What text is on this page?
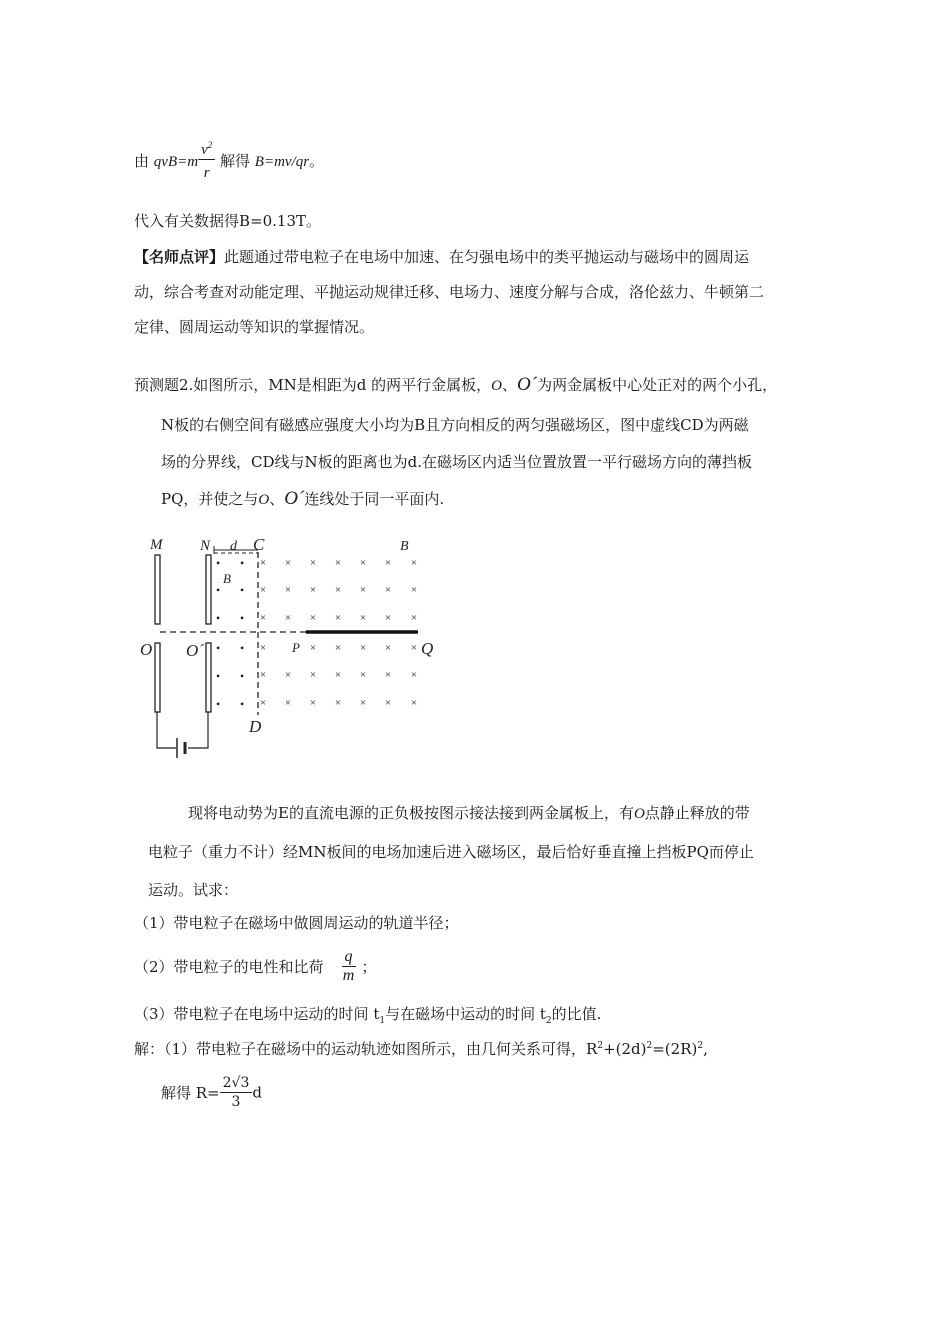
由 $qvB=m \frac{v^2}{r}$ 解得 B=mv/qr。
代入有关数据得B=0.13T。
【名师点评】此题通过带电粒子在电场中加速、在匀强电场中的类平抛运动与磁场中的圆周运
动，综合考查对动能定理、平抛运动规律迁移、电场力、速度分解与合成，洛伦兹力、牛顿第二
定律、圆周运动等知识的掌握情况。
预测题2.如图所示，MN是相距为d 的两平行金属板，O、O´为两金属板中心处正对的两个小孔，
N板的右侧空间有磁感应强度大小均为B且方向相反的两匀强磁场区，图中虚线CD为两磁
场的分界线，CD线与N板的距离也为d.在磁场区内适当位置放置一平行磁场方向的薄挡板
PQ，并使之与O、O´连线处于同一平面内.
• •
• •
• •
• •
• •
• •
× × × × × × ×
× × × × × × ×
× × × × × × ×
×	× × × × ×
× × × × × × ×
× × × × × × ×
M	N d C	B
B
O O´	P	Q
D
现将电动势为E的直流电源的正负极按图示接法接到两金属板上，有O点静止释放的带
电粒子（重力不计）经MN板间的电场加速后进入磁场区，最后恰好垂直撞上挡板PQ而停止
运动。试求：
（1）带电粒子在磁场中做圆周运动的轨道半径；
（2）带电粒子的电性和比荷 $\frac{q}{m}$ ；
（3）带电粒子在电场中运动的时间 $t_1$与在磁场中运动的时间 $t_2$的比值.
解：（1）带电粒子在磁场中的运动轨迹如图所示，由几何关系可得，$R^2+(2d)^2=(2R)^2$,
解得 $R= \frac{2√3}{3}$ d
